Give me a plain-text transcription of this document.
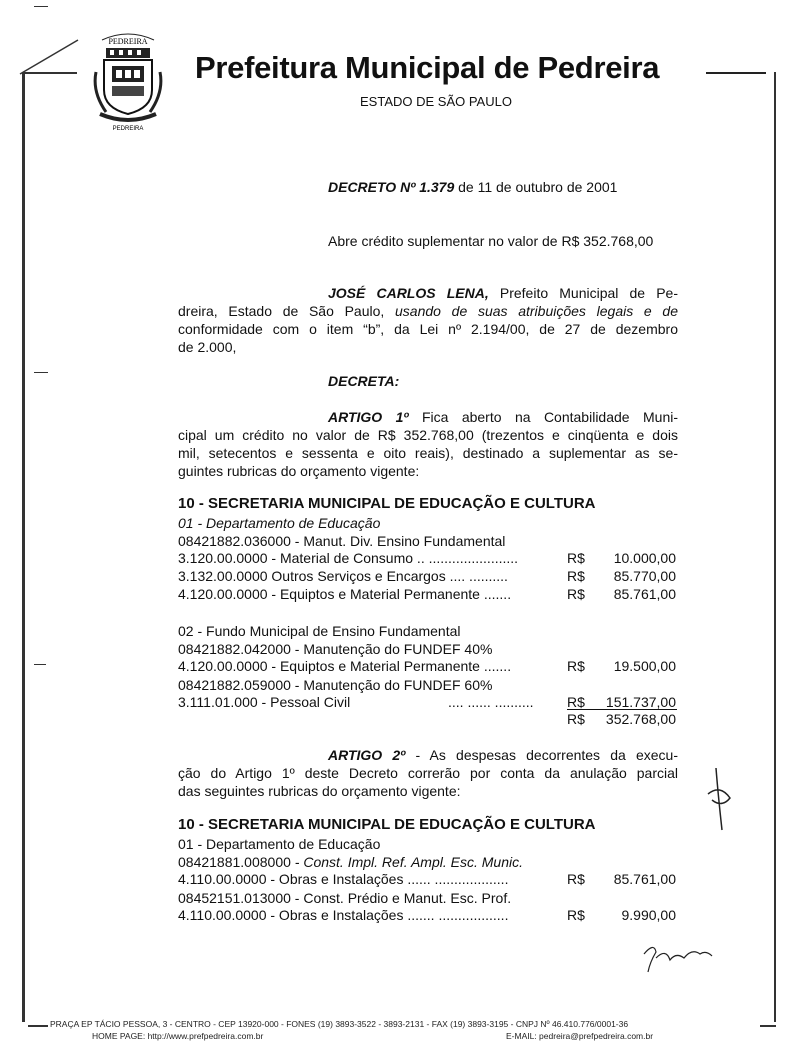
PEDREIRA
PEDREIRA
Prefeitura Municipal de Pedreira
ESTADO DE SÃO PAULO
DECRETO Nº 1.379 de 11 de outubro de 2001
Abre crédito suplementar no valor de R$ 352.768,00
JOSÉ CARLOS LENA, Prefeito Municipal de Pe-
dreira, Estado de São Paulo, usando de suas atribuições legais e de
conformidade com o item “b”, da Lei nº 2.194/00, de 27 de dezembro
de 2.000,
DECRETA:
ARTIGO 1º Fica aberto na Contabilidade Muni-
cipal um crédito no valor de R$ 352.768,00 (trezentos e cinqüenta e dois
mil, setecentos e sessenta e oito reais), destinado a suplementar as se-
guintes rubricas do orçamento vigente:
10 - SECRETARIA MUNICIPAL DE EDUCAÇÃO E CULTURA
01 - Departamento de Educação
08421882.036000 - Manut. Div. Ensino Fundamental
3.120.00.0000 - Material de Consumo .. .......................	R$ 10.000,00
3.132.00.0000 Outros Serviços e Encargos .... ..........	R$ 85.770,00
4.120.00.0000 - Equiptos e Material Permanente .......	R$ 85.761,00
02 - Fundo Municipal de Ensino Fundamental
08421882.042000 - Manutenção do FUNDEF 40%
4.120.00.0000 - Equiptos e Material Permanente .......	R$ 19.500,00
08421882.059000 - Manutenção do FUNDEF 60%
3.111.01.000 - Pessoal Civil	.... ...... .......... R$ 151.737,00
R$ 352.768,00
ARTIGO 2º - As despesas decorrentes da execu-
ção do Artigo 1º deste Decreto correrão por conta da anulação parcial
das seguintes rubricas do orçamento vigente:
10 - SECRETARIA MUNICIPAL DE EDUCAÇÃO E CULTURA
01 - Departamento de Educação
08421881.008000 - Const. Impl. Ref. Ampl. Esc. Munic.
4.110.00.0000 - Obras e Instalações ...... ...................	R$ 85.761,00
08452151.013000 - Const. Prédio e Manut. Esc. Prof.
4.110.00.0000 - Obras e Instalações ....... ..................	R$	9.990,00
PRAÇA EP TÁCIO PESSOA, 3 - CENTRO - CEP 13920-000 - FONES (19) 3893-3522 - 3893-2131 - FAX (19) 3893-3195 - CNPJ Nº 46.410.776/0001-36
HOME PAGE: http://www.prefpedreira.com.br	E-MAIL: pedreira@prefpedreira.com.br
